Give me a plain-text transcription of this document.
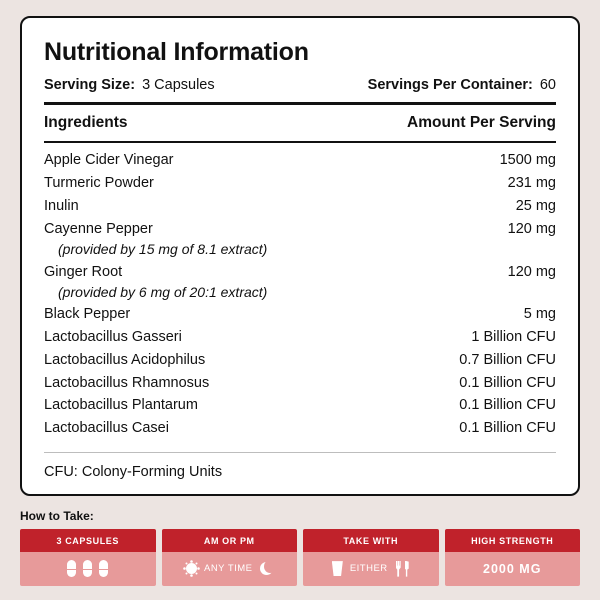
Nutritional Information
Serving Size: 3 Capsules	Servings Per Container: 60
Ingredients	Amount Per Serving
Apple Cider Vinegar	1500 mg
Turmeric Powder	231 mg
Inulin	25 mg
Cayenne Pepper	120 mg
(provided by 15 mg of 8.1 extract)
Ginger Root	120 mg
(provided by 6 mg of 20:1 extract)
Black Pepper	5 mg
Lactobacillus Gasseri	1 Billion CFU
Lactobacillus Acidophilus	0.7 Billion CFU
Lactobacillus Rhamnosus	0.1 Billion CFU
Lactobacillus Plantarum	0.1 Billion CFU
Lactobacillus Casei	0.1 Billion CFU
CFU: Colony-Forming Units
How to Take:
3 CAPSULES	AM OR PM
ANY TIME
TAKE WITH
EITHER
HIGH STRENGTH
2000 MG
